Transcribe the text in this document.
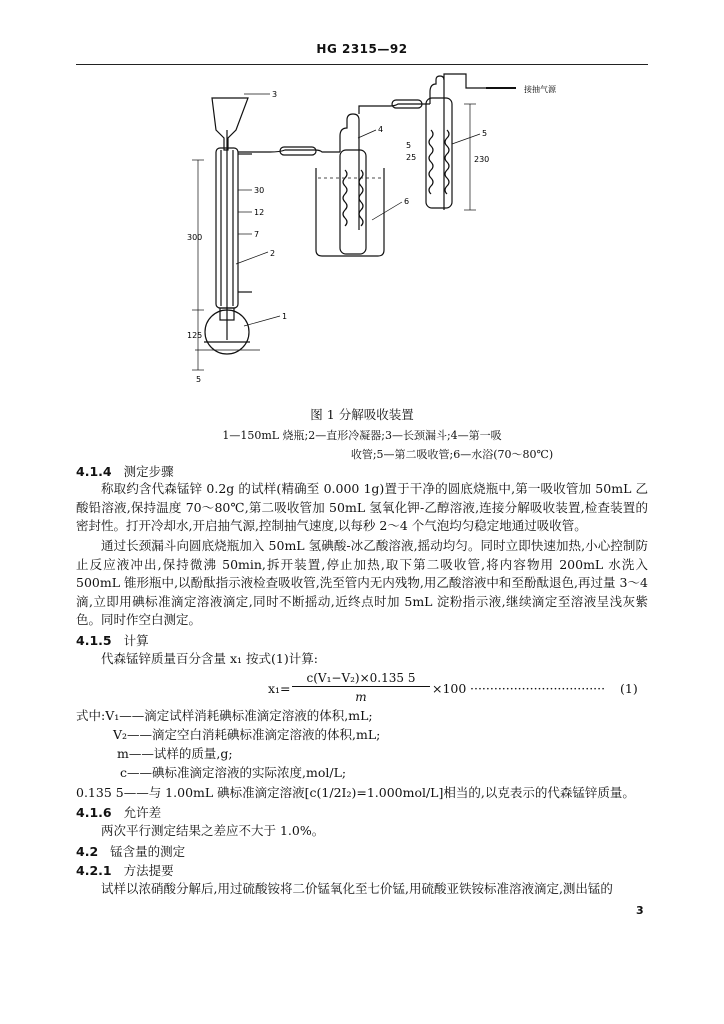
HG 2315—92
3
2
1
4
6
5
30
12
7
300
125
5
25	230
5
接抽气源
图 1 分解吸收装置
1—150mL 烧瓶;2—直形冷凝器;3—长颈漏斗;4—第一吸
收管;5—第二吸收管;6—水浴(70～80℃)
4.1.4 测定步骤
称取约含代森锰锌 0.2g 的试样(精确至 0.000 1g)置于干净的圆底烧瓶中,第一吸收管加 50mL 乙酸铅溶液,保持温度 70～80℃,第二吸收管加 50mL 氢氧化钾-乙醇溶液,连接分解吸收装置,检查装置的密封性。打开冷却水,开启抽气源,控制抽气速度,以每秒 2～4 个气泡均匀稳定地通过吸收管。
通过长颈漏斗向圆底烧瓶加入 50mL 氢碘酸-冰乙酸溶液,摇动均匀。同时立即快速加热,小心控制防止反应液冲出,保持微沸 50min,拆开装置,停止加热,取下第二吸收管,将内容物用 200mL 水洗入 500mL 锥形瓶中,以酚酞指示液检查吸收管,洗至管内无内残物,用乙酸溶液中和至酚酞退色,再过量 3～4 滴,立即用碘标准滴定溶液滴定,同时不断摇动,近终点时加 5mL 淀粉指示液,继续滴定至溶液呈浅灰紫色。同时作空白测定。
4.1.5 计算
代森锰锌质量百分含量 x₁ 按式(1)计算:
x₁=
c(V₁−V₂)×0.135 5
m
×100 ··································	(1)
式中:V₁——滴定试样消耗碘标准滴定溶液的体积,mL;
V₂——滴定空白消耗碘标准滴定溶液的体积,mL;
m——试样的质量,g;
c——碘标准滴定溶液的实际浓度,mol/L;
0.135 5——与 1.00mL 碘标准滴定溶液[c(1/2I₂)=1.000mol/L]相当的,以克表示的代森锰锌质量。
4.1.6 允许差
两次平行测定结果之差应不大于 1.0%。
4.2 锰含量的测定
4.2.1 方法提要
试样以浓硝酸分解后,用过硫酸铵将二价锰氧化至七价锰,用硫酸亚铁铵标准溶液滴定,测出锰的
3
